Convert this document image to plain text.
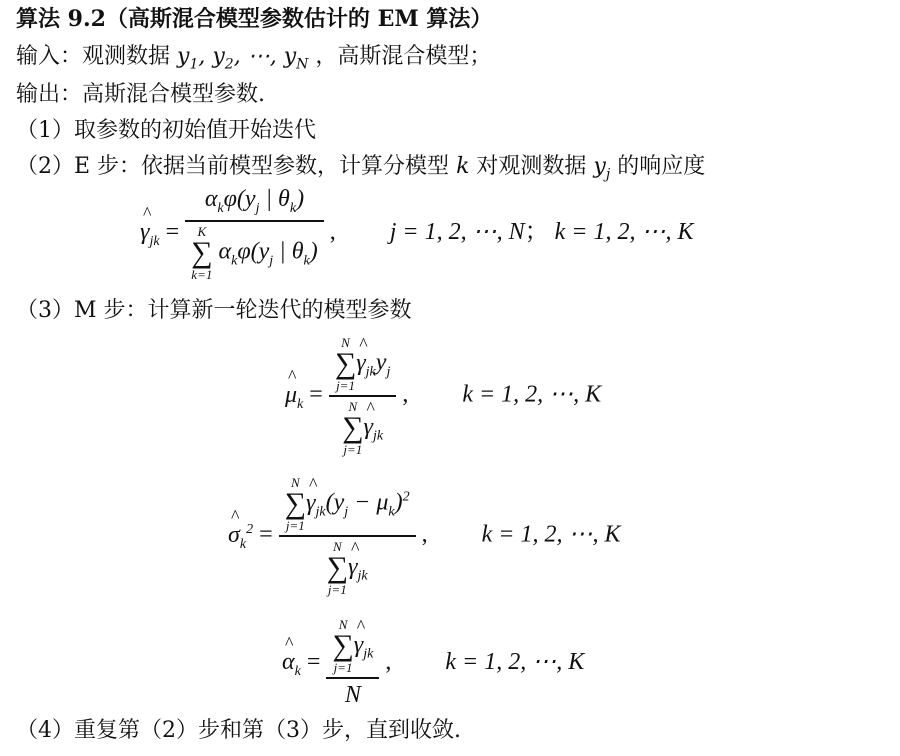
算法 9.2（高斯混合模型参数估计的 EM 算法）
输入：观测数据 $y_1$, $y_2$, ⋯, $y_N$ ，高斯混合模型；
输出：高斯混合模型参数.
（1）取参数的初始值开始迭代
（2）E 步：依据当前模型参数，计算分模型 k 对观测数据 $y_j$ 的响应度
^ $\gamma_{jk} = \alpha_k\varphi(y_j$ | $\theta_k$)
K
∑
k=1
$\alpha_k\varphi(y_j$ | $\theta_k$) , j = 1, 2, ⋯, N； k = 1, 2, ⋯, K
（3）M 步：计算新一轮迭代的模型参数
^ $\mu_k = N$
∑
j=1
^ $\gamma_{jk}y_j$
N
∑
j=1
^ $\gamma_{jk}$ , k = 1, 2, ⋯, K
^ $\sigma_k^2 = N$
∑
j=1
^ $\gamma_{jk}(y_j - \mu_k)^2$
N
∑
j=1
^ $\gamma_{jk}$ , k = 1, 2, ⋯, K
^ $\alpha_k = N$
∑
j=1
^ $\gamma_{jk}$
N , k = 1, 2, ⋯, K
（4）重复第（2）步和第（3）步，直到收敛.
